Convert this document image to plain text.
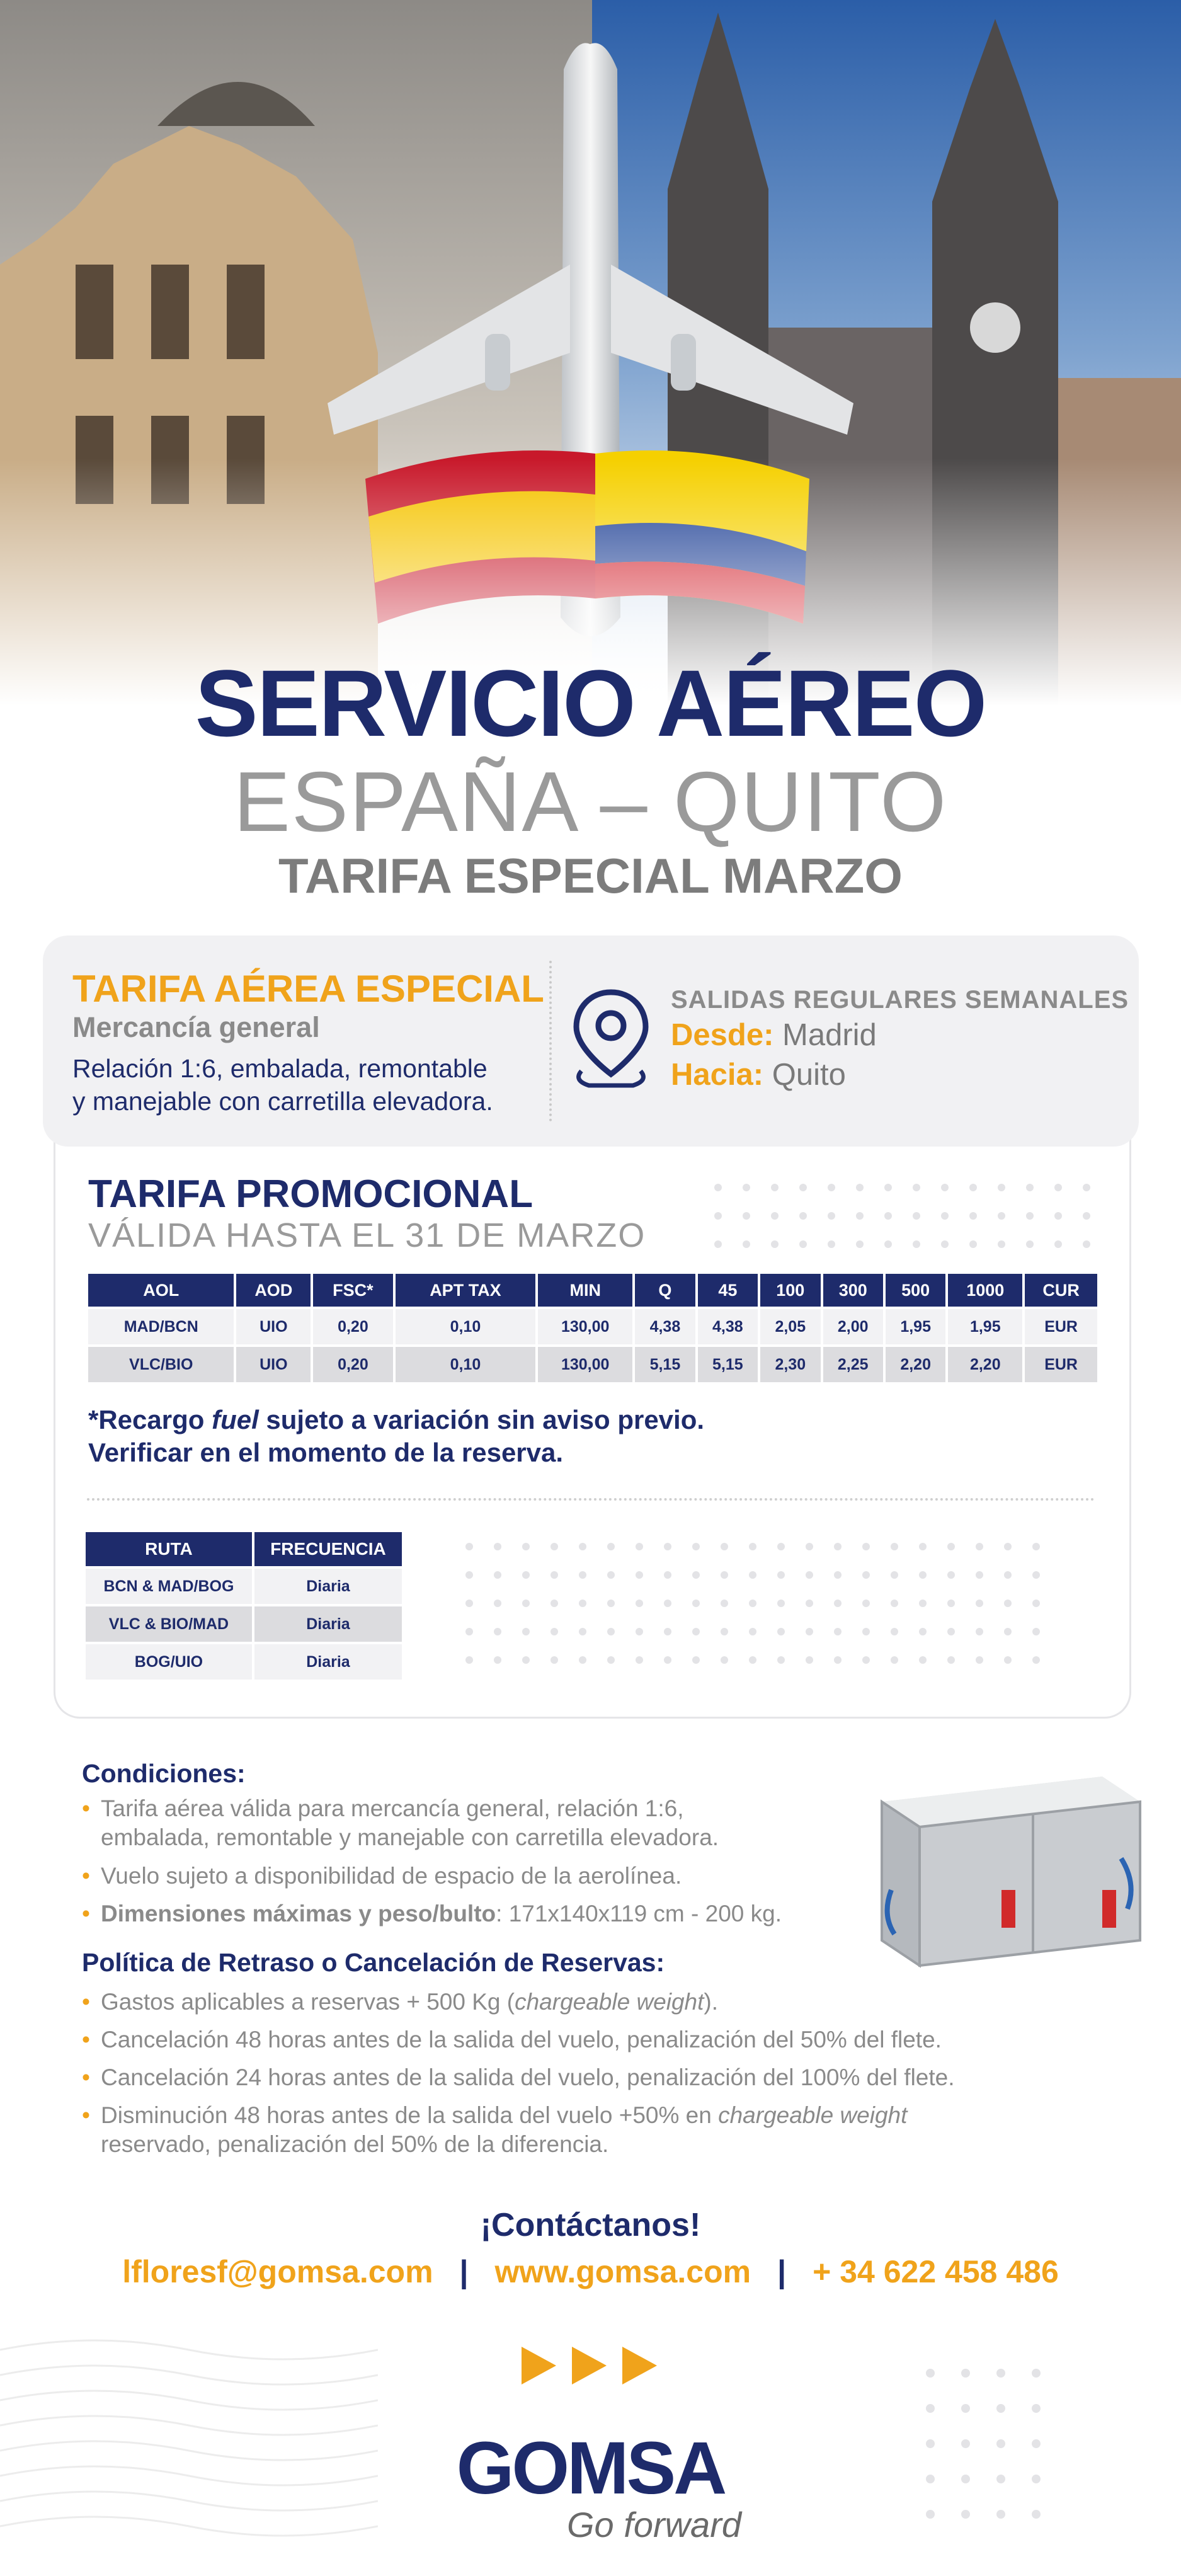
SERVICIO AÉREO
ESPAÑA – QUITO
TARIFA ESPECIAL MARZO
TARIFA AÉREA ESPECIAL
Mercancía general
Relación 1:6, embalada, remontable
y manejable con carretilla elevadora.
SALIDAS REGULARES SEMANALES
Desde: Madrid
Hacia: Quito
TARIFA PROMOCIONAL
VÁLIDA HASTA EL 31 DE MARZO
AOL	AOD	FSC*	APT TAX	MIN	Q	45	100	300	500	1000	CUR
MAD/BCN	UIO	0,20	0,10	130,00	4,38	4,38	2,05	2,00	1,95	1,95	EUR
VLC/BIO	UIO	0,20	0,10	130,00	5,15	5,15	2,30	2,25	2,20	2,20	EUR
*Recargo fuel sujeto a variación sin aviso previo.
Verificar en el momento de la reserva.
RUTA	FRECUENCIA
BCN & MAD/BOG	Diaria
VLC & BIO/MAD	Diaria
BOG/UIO	Diaria
Condiciones:
• Tarifa aérea válida para mercancía general, relación 1:6,
embalada, remontable y manejable con carretilla elevadora.
• Vuelo sujeto a disponibilidad de espacio de la aerolínea.
• Dimensiones máximas y peso/bulto: 171x140x119 cm - 200 kg.
Política de Retraso o Cancelación de Reservas:
• Gastos aplicables a reservas + 500 Kg (chargeable weight).
• Cancelación 48 horas antes de la salida del vuelo, penalización del 50% del flete.
• Cancelación 24 horas antes de la salida del vuelo, penalización del 100% del flete.
• Disminución 48 horas antes de la salida del vuelo +50% en chargeable weight
reservado, penalización del 50% de la diferencia.
¡Contáctanos!
lfloresf@gomsa.com | www.gomsa.com | + 34 622 458 486
GOMSA
Go forward
